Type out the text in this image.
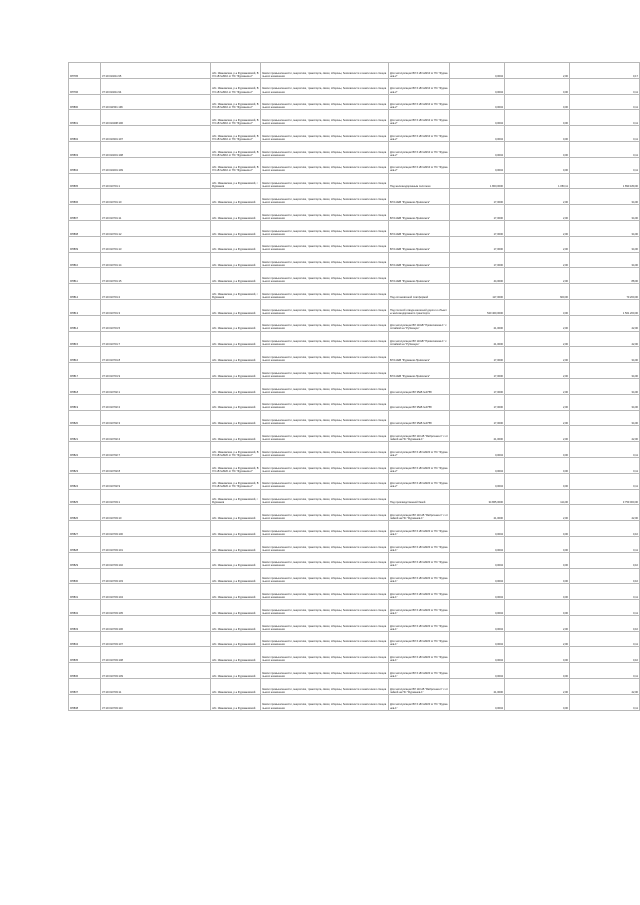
ЯП795	37:19:010211:95	обл. Ивановская, р-н Фурмановский, ВЛ 6 кВ №8/10 от ПС "Фурманов-2"	Земли промышленности, энергетики, транспорта, связи, обороны, безопасности и земли иного специального назначения	Для эксплуатации ВЛ 6 кВ №8/10 от ПС "Фурманов-2"	0,0004	2,00	0,17
ЯП796	37:19:010211:94	обл. Ивановская, р-н Фурмановский, ВЛ 6 кВ №8/10 от ПС "Фурманов-2"	Земли промышленности, энергетики, транспорта, связи, обороны, безопасности и земли иного специального назначения	Для эксплуатации ВЛ 6 кВ №8/10 от ПС "Фурманов-2"	0,0004	0,00	0,11
ЯП800	37:19:011501:196	обл. Ивановская, р-н Фурмановский, ВЛ 6 кВ №8/10 от ПС "Фурманов-2"	Земли промышленности, энергетики, транспорта, связи, обороны, безопасности и земли иного специального назначения	Для эксплуатации ВЛ 6 кВ №8/10 от ПС "Фурманов-2"	0,0004	0,00	0,11
ЯП801	37:19:010408:196	обл. Ивановская, р-н Фурмановский, ВЛ 6 кВ №8/10 от ПС "Фурманов-2"	Земли промышленности, энергетики, транспорта, связи, обороны, безопасности и земли иного специального назначения	Для эксплуатации ВЛ 6 кВ №8/10 от ПС "Фурманов-2"	0,0004	0,00	0,11
ЯП802	37:19:010301:197	обл. Ивановская, р-н Фурмановский, ВЛ 6 кВ №8/10 от ПС "Фурманов-2"	Земли промышленности, энергетики, транспорта, связи, обороны, безопасности и земли иного специального назначения	Для эксплуатации ВЛ 6 кВ №8/10 от ПС "Фурманов-2"	0,0004	0,00	0,11
ЯП803	37:19:010201:198	обл. Ивановская, р-н Фурмановский, ВЛ 6 кВ №8/10 от ПС "Фурманов-2"	Земли промышленности, энергетики, транспорта, связи, обороны, безопасности и земли иного специального назначения	Для эксплуатации ВЛ 6 кВ №8/10 от ПС "Фурманов-2"	0,0004	0,00	0,11
ЯП804	37:19:010201:199	обл. Ивановская, р-н Фурмановский, ВЛ 6 кВ №8/10 от ПС "Фурманов-2"	Земли промышленности, энергетики, транспорта, связи, обороны, безопасности и земли иного специального назначения	Для эксплуатации ВЛ 6 кВ №8/10 от ПС "Фурманов-2"	0,0004	0,00	0,11
ЯП805	37:19:010701:1	обл. Ивановская, р-н Фурмановский, г Фурманов	Земли промышленности, энергетики, транспорта, связи, обороны, безопасности и земли иного специального назначения	Под железнодорожным полотном	1 800,0000	1 050,11	1 890 189,00
ЯП806	37:19:010701:10	обл. Ивановская, р-н Фурмановский	Земли промышленности, энергетики, транспорта, связи, обороны, безопасности и земли иного специального назначения	ВЛ 110кВ "Фурманов-Приволжск"	17,0000	2,00	34,00
ЯП807	37:19:010701:11	обл. Ивановская, р-н Фурмановский	Земли промышленности, энергетики, транспорта, связи, обороны, безопасности и земли иного специального назначения	ВЛ 110кВ "Фурманов-Приволжск"	17,0000	2,00	34,00
ЯП808	37:19:010701:12	обл. Ивановская, р-н Фурмановский	Земли промышленности, энергетики, транспорта, связи, обороны, безопасности и земли иного специального назначения	ВЛ 110кВ "Фурманов-Приволжск"	17,0000	2,00	34,00
ЯП809	37:19:010701:13	обл. Ивановская, р-н Фурмановский	Земли промышленности, энергетики, транспорта, связи, обороны, безопасности и земли иного специального назначения	ВЛ 110кВ "Фурманов-Приволжск"	17,0000	2,00	34,00
ЯП810	37:19:010701:14	обл. Ивановская, р-н Фурмановский	Земли промышленности, энергетики, транспорта, связи, обороны, безопасности и земли иного специального назначения	ВЛ 110кВ "Фурманов-Приволжск"	17,0000	2,00	34,00
ЯП811	37:19:010701:15	обл. Ивановская, р-н Фурмановский	Земли промышленности, энергетики, транспорта, связи, обороны, безопасности и земли иного специального назначения	ВЛ 110кВ "Фурманов-Приволжск"	44,0000	2,00	88,00
ЯП812	37:19:010701:2	обл. Ивановская, р-н Фурмановский, г Фурманов	Земли промышленности, энергетики, транспорта, связи, обороны, безопасности и земли иного специального назначения	Под остановочной платформой	117,0000	600,00	70 200,00
ЯП813	37:19:010701:3	обл. Ивановская, р-н Фурмановский	Земли промышленности, энергетики, транспорта, связи, обороны, безопасности и земли иного специального назначения	Под полосой отвода железной дороги и объекты железнодорожного транспорта	520 400,0000	3,00	1 561 200,00
ЯП814	37:19:010701:5	обл. Ивановская, р-н Фурмановский	Земли промышленности, энергетики, транспорта, связи, обороны, безопасности и земли иного специального назначения	Для эксплуатации ВЛ 110кВ "Приволжская-1" с отпайкой на "Рубежную"	21,0000	2,00	42,00
ЯП815	37:19:010701:7	обл. Ивановская, р-н Фурмановский	Земли промышленности, энергетики, транспорта, связи, обороны, безопасности и земли иного специального назначения	Для эксплуатации ВЛ 110кВ "Приволжская-1" с отпайкой на "Рубежную"	21,0000	2,00	42,00
ЯП816	37:19:010701:8	обл. Ивановская, р-н Фурмановский	Земли промышленности, энергетики, транспорта, связи, обороны, безопасности и земли иного специального назначения	ВЛ 110кВ "Фурманов-Приволжск"	17,0000	2,00	34,00
ЯП817	37:19:010701:9	обл. Ивановская, р-н Фурмановский	Земли промышленности, энергетики, транспорта, связи, обороны, безопасности и земли иного специального назначения	ВЛ 110кВ "Фурманов-Приволжск"	17,0000	2,00	34,00
ЯП818	37:19:010702:1	обл. Ивановская, р-н Фурмановский	Земли промышленности, энергетики, транспорта, связи, обороны, безопасности и земли иного специального назначения	Для эксплуатации ВЛ 35кВ №3758	17,0000	2,00	34,00
ЯП819	37:19:010702:2	обл. Ивановская, р-н Фурмановский	Земли промышленности, энергетики, транспорта, связи, обороны, безопасности и земли иного специального назначения	Для эксплуатации ВЛ 35кВ №3758	17,0000	2,00	34,00
ЯП820	37:19:010702:3	обл. Ивановская, р-н Фурмановский	Земли промышленности, энергетики, транспорта, связи, обороны, безопасности и земли иного специального назначения	Для эксплуатации ВЛ 35кВ №3758	17,0000	2,00	34,00
ЯП821	37:19:010702:4	обл. Ивановская, р-н Фурмановский	Земли промышленности, энергетики, транспорта, связи, обороны, безопасности и земли иного специального назначения	Для эксплуатации ВЛ 110 кВ "Фабричная-1" с отпайкой на ПС "Фурманов-1"	21,0000	2,00	42,00
ЯП822	37:19:010702:7	обл. Ивановская, р-н Фурмановский, ВЛ 6 кВ №8/20 от ПС "Фурманов-2"	Земли промышленности, энергетики, транспорта, связи, обороны, безопасности и земли иного специального назначения	Для эксплуатации ВЛ 6 кВ №8/20 от ПС "Фурманов-2"	0,0004	0,00	0,11
ЯП823	37:19:010702:8	обл. Ивановская, р-н Фурмановский, ВЛ 6 кВ №8/20 от ПС "Фурманов-2"	Земли промышленности, энергетики, транспорта, связи, обороны, безопасности и земли иного специального назначения	Для эксплуатации ВЛ 6 кВ №8/20 от ПС "Фурманов-2"	0,0004	0,00	0,11
ЯП824	37:19:010702:9	обл. Ивановская, р-н Фурмановский, ВЛ 6 кВ №8/20 от ПС "Фурманов-2"	Земли промышленности, энергетики, транспорта, связи, обороны, безопасности и земли иного специального назначения	Для эксплуатации ВЛ 6 кВ №8/20 от ПС "Фурманов-2"	0,0004	0,00	0,11
ЯП825	37:19:010703:1	обл. Ивановская, р-н Фурмановский, г Фурманов	Земли промышленности, энергетики, транспорта, связи, обороны, безопасности и земли иного специального назначения	Под производственной базой	34 865,0000	114,00	3 750 000,00
ЯП826	37:19:010703:10	обл. Ивановская, р-н Фурмановский	Земли промышленности, энергетики, транспорта, связи, обороны, безопасности и земли иного специального назначения	Для эксплуатации ВЛ 110 кВ "Фабричная-1" с отпайкой на ПС "Фурманов-1"	21,0000	2,00	42,00
ЯП827	37:19:010703:100	обл. Ивановская, р-н Фурмановский	Земли промышленности, энергетики, транспорта, связи, обороны, безопасности и земли иного специального назначения	Для эксплуатации ВЛ 6 кВ №8/20 от ПС "Фурманов-1"	0,0004	0,00	0,10
ЯП828	37:19:010703:101	обл. Ивановская, р-н Фурмановский	Земли промышленности, энергетики, транспорта, связи, обороны, безопасности и земли иного специального назначения	Для эксплуатации ВЛ 6 кВ №8/20 от ПС "Фурманов-1"	0,0004	0,00	0,11
ЯП829	37:19:010703:102	обл. Ивановская, р-н Фурмановский	Земли промышленности, энергетики, транспорта, связи, обороны, безопасности и земли иного специального назначения	Для эксплуатации ВЛ 6 кВ №8/20 от ПС "Фурманов-1"	0,0004	0,00	0,10
ЯП830	37:19:010703:103	обл. Ивановская, р-н Фурмановский	Земли промышленности, энергетики, транспорта, связи, обороны, безопасности и земли иного специального назначения	Для эксплуатации ВЛ 6 кВ №8/20 от ПС "Фурманов-1"	0,0004	0,00	0,10
ЯП831	37:19:010703:104	обл. Ивановская, р-н Фурмановский	Земли промышленности, энергетики, транспорта, связи, обороны, безопасности и земли иного специального назначения	Для эксплуатации ВЛ 6 кВ №8/20 от ПС "Фурманов-1"	0,0004	0,00	0,11
ЯП832	37:19:010703:105	обл. Ивановская, р-н Фурмановский	Земли промышленности, энергетики, транспорта, связи, обороны, безопасности и земли иного специального назначения	Для эксплуатации ВЛ 6 кВ №8/20 от ПС "Фурманов-1"	0,0004	0,00	0,11
ЯП833	37:19:010703:106	обл. Ивановская, р-н Фурмановский	Земли промышленности, энергетики, транспорта, связи, обороны, безопасности и земли иного специального назначения	Для эксплуатации ВЛ 6 кВ №8/20 от ПС "Фурманов-1"	0,0004	2,00	0,10
ЯП834	37:19:010703:107	обл. Ивановская, р-н Фурмановский	Земли промышленности, энергетики, транспорта, связи, обороны, безопасности и земли иного специального назначения	Для эксплуатации ВЛ 6 кВ №8/20 от ПС "Фурманов-1"	0,0004	2,00	0,11
ЯП835	37:19:010703:108	обл. Ивановская, р-н Фурмановский	Земли промышленности, энергетики, транспорта, связи, обороны, безопасности и земли иного специального назначения	Для эксплуатации ВЛ 6 кВ №8/20 от ПС "Фурманов-1"	0,0004	0,00	0,10
ЯП836	37:19:010703:109	обл. Ивановская, р-н Фурмановский	Земли промышленности, энергетики, транспорта, связи, обороны, безопасности и земли иного специального назначения	Для эксплуатации ВЛ 6 кВ №8/20 от ПС "Фурманов-1"	0,0004	0,00	0,11
ЯП837	37:19:010703:11	обл. Ивановская, р-н Фурмановский	Земли промышленности, энергетики, транспорта, связи, обороны, безопасности и земли иного специального назначения	Для эксплуатации ВЛ 110 кВ "Фабричная-1" с отпайкой на ПС "Фурманов-1"	21,0000	2,00	42,00
ЯП838	37:19:010703:110	обл. Ивановская, р-н Фурмановский	Земли промышленности, энергетики, транспорта, связи, обороны, безопасности и земли иного специального назначения	Для эксплуатации ВЛ 6 кВ №8/20 от ПС "Фурманов-1"	0,0004	0,00	0,11
